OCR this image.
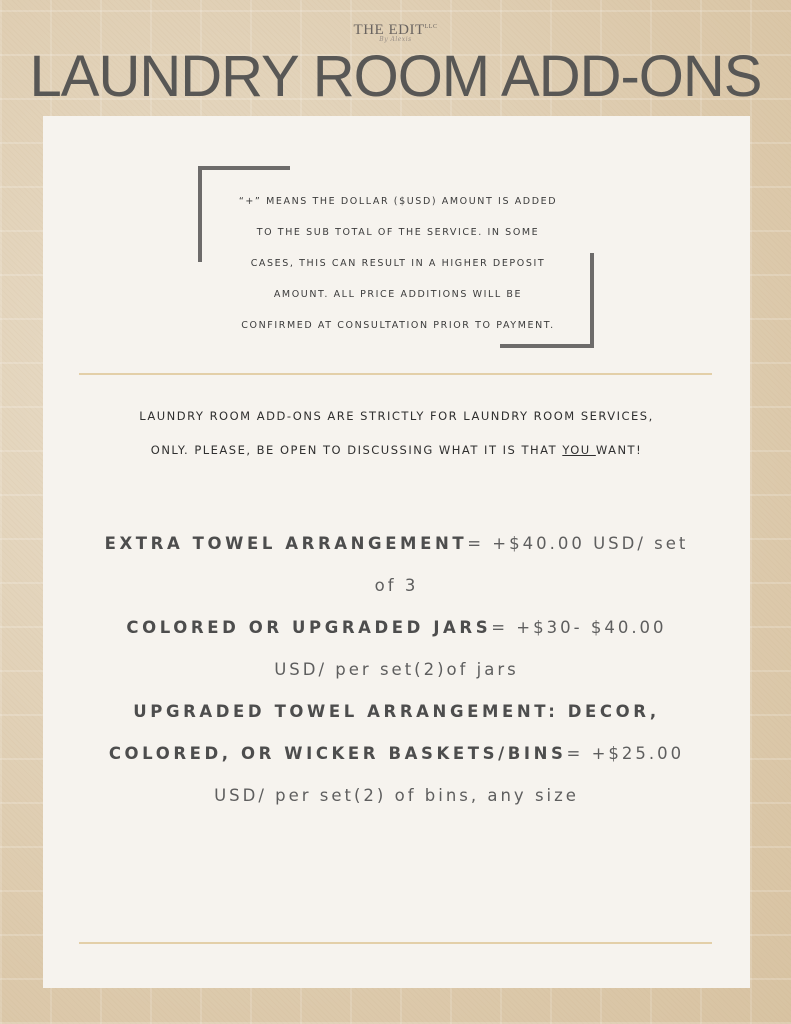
THE $EDIT^{LLC}$
By Alexis
LAUNDRY ROOM ADD-ONS
“+” MEANS THE DOLLAR ($USD) AMOUNT IS ADDED
TO THE SUB TOTAL OF THE SERVICE. IN SOME
CASES, THIS CAN RESULT IN A HIGHER DEPOSIT
AMOUNT. ALL PRICE ADDITIONS WILL BE
CONFIRMED AT CONSULTATION PRIOR TO PAYMENT.
LAUNDRY ROOM ADD-ONS ARE STRICTLY FOR LAUNDRY ROOM SERVICES,
ONLY. PLEASE, BE OPEN TO DISCUSSING WHAT IT IS THAT YOU WANT!
EXTRA TOWEL ARRANGEMENT= +$40.00 USD/ set
of 3
COLORED OR UPGRADED JARS= +$30- $40.00
USD/ per set(2)of jars
UPGRADED TOWEL ARRANGEMENT: DECOR,
COLORED, OR WICKER BASKETS/BINS= +$25.00
USD/ per set(2) of bins, any size
